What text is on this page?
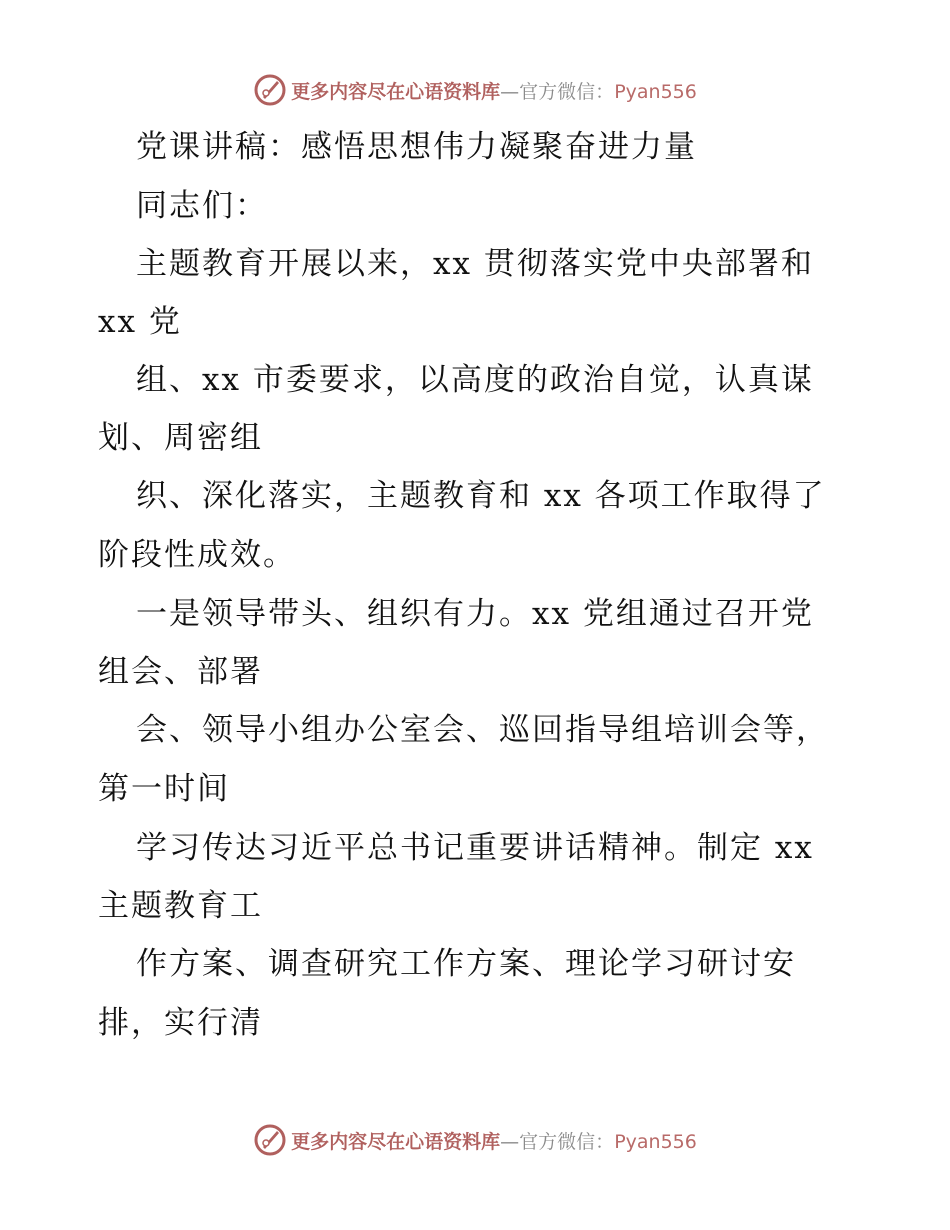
更多内容尽在心语资料库—官方微信：Pyan556
党课讲稿：感悟思想伟力凝聚奋进力量
同志们：
主题教育开展以来，xx 贯彻落实党中央部署和
xx 党
组、xx 市委要求，以高度的政治自觉，认真谋
划、周密组
织、深化落实，主题教育和 xx 各项工作取得了
阶段性成效。
一是领导带头、组织有力。xx 党组通过召开党
组会、部署
会、领导小组办公室会、巡回指导组培训会等，
第一时间
学习传达习近平总书记重要讲话精神。制定 xx
主题教育工
作方案、调查研究工作方案、理论学习研讨安
排，实行清
更多内容尽在心语资料库—官方微信：Pyan556
